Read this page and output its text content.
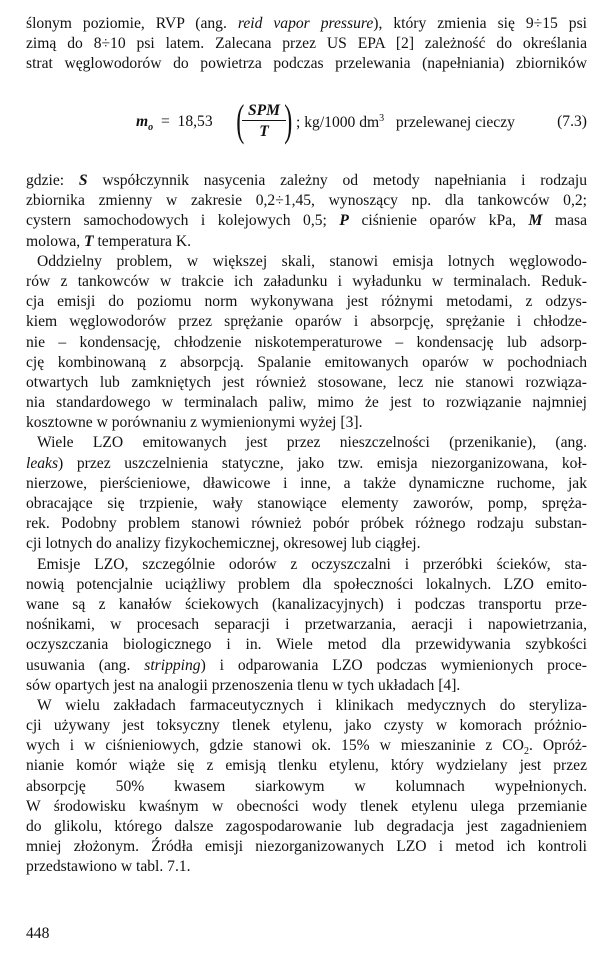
ślonym poziomie, RVP (ang. reid vapor pressure), który zmienia się 9÷15 psi
zimą do 8÷10 psi latem. Zalecana przez US EPA [2] zależność do określania
strat węglowodorów do powietrza podczas przelewania (napełniania) zbiorników
$m_o = 18,53$ ( SPM
T ) ; kg/1000 $dm^3$ przelewanej cieczy	(7.3)
gdzie: S współczynnik nasycenia zależny od metody napełniania i rodzaju
zbiornika zmienny w zakresie 0,2÷1,45, wynoszący np. dla tankowców 0,2;
cystern samochodowych i kolejowych 0,5; P ciśnienie oparów kPa, M masa
molowa, T temperatura K.
Oddzielny problem, w większej skali, stanowi emisja lotnych węglowodo-
rów z tankowców w trakcie ich załadunku i wyładunku w terminalach. Reduk-
cja emisji do poziomu norm wykonywana jest różnymi metodami, z odzys-
kiem węglowodorów przez sprężanie oparów i absorpcję, sprężanie i chłodze-
nie – kondensację, chłodzenie niskotemperaturowe – kondensację lub adsorp-
cję kombinowaną z absorpcją. Spalanie emitowanych oparów w pochodniach
otwartych lub zamkniętych jest również stosowane, lecz nie stanowi rozwiąza-
nia standardowego w terminalach paliw, mimo że jest to rozwiązanie najmniej
kosztowne w porównaniu z wymienionymi wyżej [3].
Wiele LZO emitowanych jest przez nieszczelności (przenikanie), (ang.
leaks) przez uszczelnienia statyczne, jako tzw. emisja niezorganizowana, koł-
nierzowe, pierścieniowe, dławicowe i inne, a także dynamiczne ruchome, jak
obracające się trzpienie, wały stanowiące elementy zaworów, pomp, spręża-
rek. Podobny problem stanowi również pobór próbek różnego rodzaju substan-
cji lotnych do analizy fizykochemicznej, okresowej lub ciągłej.
Emisje LZO, szczególnie odorów z oczyszczalni i przeróbki ścieków, sta-
nowią potencjalnie uciążliwy problem dla społeczności lokalnych. LZO emito-
wane są z kanałów ściekowych (kanalizacyjnych) i podczas transportu prze-
nośnikami, w procesach separacji i przetwarzania, aeracji i napowietrzania,
oczyszczania biologicznego i in. Wiele metod dla przewidywania szybkości
usuwania (ang. stripping) i odparowania LZO podczas wymienionych proce-
sów opartych jest na analogii przenoszenia tlenu w tych układach [4].
W wielu zakładach farmaceutycznych i klinikach medycznych do steryliza-
cji używany jest toksyczny tlenek etylenu, jako czysty w komorach próżnio-
wych i w ciśnieniowych, gdzie stanowi ok. 15% w mieszaninie z $CO_2$. Opróż-
nianie komór wiąże się z emisją tlenku etylenu, który wydzielany jest przez
absorpcję 50% kwasem siarkowym w kolumnach wypełnionych.
W środowisku kwaśnym w obecności wody tlenek etylenu ulega przemianie
do glikolu, którego dalsze zagospodarowanie lub degradacja jest zagadnieniem
mniej złożonym. Źródła emisji niezorganizowanych LZO i metod ich kontroli
przedstawiono w tabl. 7.1.
448
